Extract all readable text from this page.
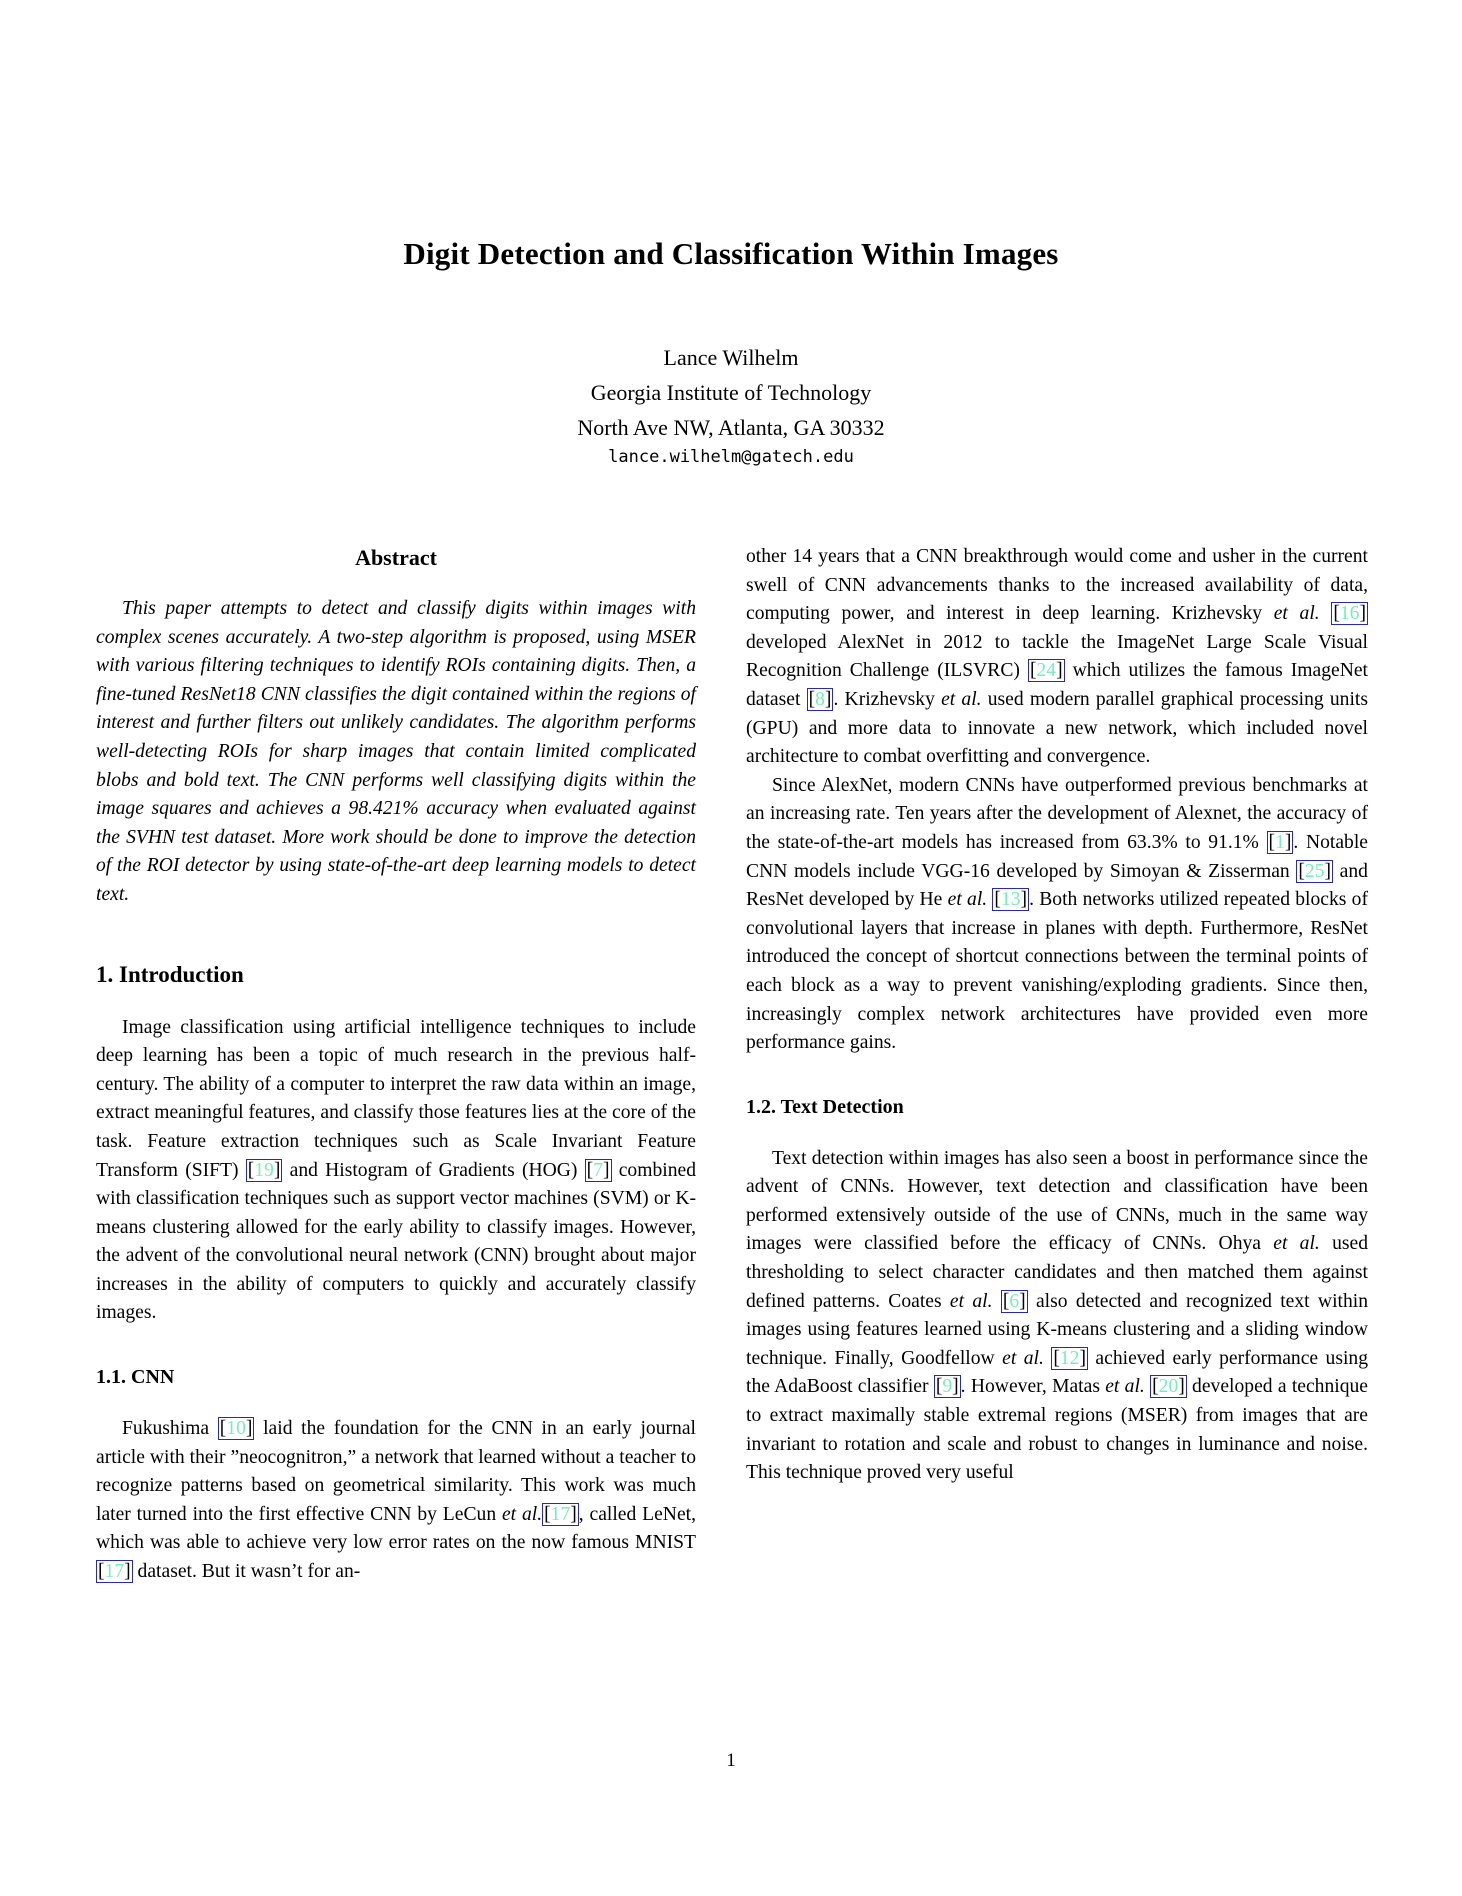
Digit Detection and Classification Within Images
Lance Wilhelm
Georgia Institute of Technology
North Ave NW, Atlanta, GA 30332
lance.wilhelm@gatech.edu
Abstract

This paper attempts to detect and classify digits within images with complex scenes accurately. A two-step algorithm is proposed, using MSER with various filtering techniques to identify ROIs containing digits. Then, a fine-tuned ResNet18 CNN classifies the digit contained within the regions of interest and further filters out unlikely candidates. The algorithm performs well-detecting ROIs for sharp images that contain limited complicated blobs and bold text. The CNN performs well classifying digits within the image squares and achieves a 98.421% accuracy when evaluated against the SVHN test dataset. More work should be done to improve the detection of the ROI detector by using state-of-the-art deep learning models to detect text.

1. Introduction

Image classification using artificial intelligence techniques to include deep learning has been a topic of much research in the previous half-century. The ability of a computer to interpret the raw data within an image, extract meaningful features, and classify those features lies at the core of the task. Feature extraction techniques such as Scale Invariant Feature Transform (SIFT) [19] and Histogram of Gradients (HOG) [7] combined with classification techniques such as support vector machines (SVM) or K-means clustering allowed for the early ability to classify images. However, the advent of the convolutional neural network (CNN) brought about major increases in the ability of computers to quickly and accurately classify images.

1.1. CNN

Fukushima [10] laid the foundation for the CNN in an early journal article with their ”neocognitron,” a network that learned without a teacher to recognize patterns based on geometrical similarity. This work was much later turned into the first effective CNN by LeCun et al. [17] , called LeNet, which was able to achieve very low error rates on the now famous MNIST [17] dataset. But it wasn’t for an-

other 14 years that a CNN breakthrough would come and usher in the current swell of CNN advancements thanks to the increased availability of data, computing power, and interest in deep learning. Krizhevsky et al. [16] developed AlexNet in 2012 to tackle the ImageNet Large Scale Visual Recognition Challenge (ILSVRC) [24] which utilizes the famous ImageNet dataset [8] . Krizhevsky et al. used modern parallel graphical processing units (GPU) and more data to innovate a new network, which included novel architecture to combat overfitting and convergence.

Since AlexNet, modern CNNs have outperformed previous benchmarks at an increasing rate. Ten years after the development of Alexnet, the accuracy of the state-of-the-art models has increased from 63.3% to 91.1% [1] . Notable CNN models include VGG-16 developed by Simoyan & Zisserman [25] and ResNet developed by He et al. [13] . Both networks utilized repeated blocks of convolutional layers that increase in planes with depth. Furthermore, ResNet introduced the concept of shortcut connections between the terminal points of each block as a way to prevent vanishing/exploding gradients. Since then, increasingly complex network architectures have provided even more performance gains.

1.2. Text Detection

Text detection within images has also seen a boost in performance since the advent of CNNs. However, text detection and classification have been performed extensively outside of the use of CNNs, much in the same way images were classified before the efficacy of CNNs. Ohya et al. used thresholding to select character candidates and then matched them against defined patterns. Coates et al. [6] also detected and recognized text within images using features learned using K-means clustering and a sliding window technique. Finally, Goodfellow et al. [12] achieved early performance using the AdaBoost classifier [9] . However, Matas et al. [20] developed a technique to extract maximally stable extremal regions (MSER) from images that are invariant to rotation and scale and robust to changes in luminance and noise. This technique proved very useful

1
